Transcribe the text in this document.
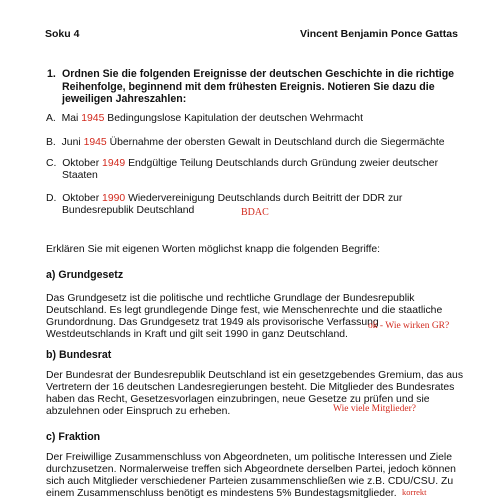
Soku 4	Vincent Benjamin Ponce Gattas
1. Ordnen Sie die folgenden Ereignisse der deutschen Geschichte in die richtige
Reihenfolge, beginnend mit dem frühesten Ereignis. Notieren Sie dazu die
jeweiligen Jahreszahlen:
A. Mai 1945 Bedingungslose Kapitulation der deutschen Wehrmacht
B. Juni 1945 Übernahme der obersten Gewalt in Deutschland durch die Siegermächte
C. Oktober 1949 Endgültige Teilung Deutschlands durch Gründung zweier deutscher
Staaten
D. Oktober 1990 Wiedervereinigung Deutschlands durch Beitritt der DDR zur
Bundesrepublik Deutschland	BDAC
Erklären Sie mit eigenen Worten möglichst knapp die folgenden Begriffe:
a) Grundgesetz
Das Grundgesetz ist die politische und rechtliche Grundlage der Bundesrepublik
Deutschland. Es legt grundlegende Dinge fest, wie Menschenrechte und die staatliche
Grundordnung. Das Grundgesetz trat 1949 als provisorische Verfassung
Westdeutschlands in Kraft und gilt seit 1990 in ganz Deutschland.
ok - Wie wirken GR?
b) Bundesrat
Der Bundesrat der Bundesrepublik Deutschland ist ein gesetzgebendes Gremium, das aus
Vertretern der 16 deutschen Landesregierungen besteht. Die Mitglieder des Bundesrates
haben das Recht, Gesetzesvorlagen einzubringen, neue Gesetze zu prüfen und sie
abzulehnen oder Einspruch zu erheben.	Wie viele Mitglieder?
c) Fraktion
Der Freiwillige Zusammenschluss von Abgeordneten, um politische Interessen und Ziele
durchzusetzen. Normalerweise treffen sich Abgeordnete derselben Partei, jedoch können
sich auch Mitglieder verschiedener Parteien zusammenschließen wie z.B. CDU/CSU. Zu
einem Zusammenschluss benötigt es mindestens 5% Bundestagsmitglieder. korrekt
